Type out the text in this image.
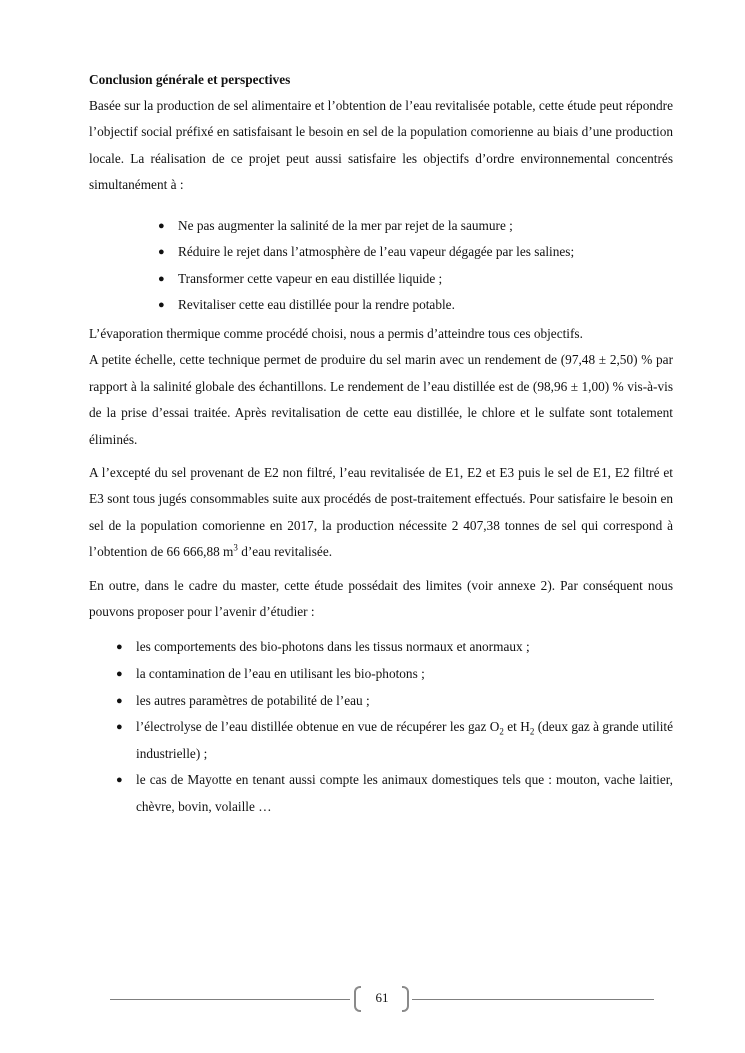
Conclusion générale et perspectives

Basée sur la production de sel alimentaire et l’obtention de l’eau revitalisée potable, cette étude peut répondre l’objectif social préfixé en satisfaisant le besoin en sel de la population comorienne au biais d’une production locale. La réalisation de ce projet peut aussi satisfaire les objectifs d’ordre environnemental concentrés simultanément à :

● Ne pas augmenter la salinité de la mer par rejet de la saumure ;
● Réduire le rejet dans l’atmosphère de l’eau vapeur dégagée par les salines;
● Transformer cette vapeur en eau distillée liquide ;
● Revitaliser cette eau distillée pour la rendre potable.

L’évaporation thermique comme procédé choisi, nous a permis d’atteindre tous ces objectifs.

A petite échelle, cette technique permet de produire du sel marin avec un rendement de (97,48 ± 2,50) % par rapport à la salinité globale des échantillons. Le rendement de l’eau distillée est de (98,96 ± 1,00) % vis-à-vis de la prise d’essai traitée. Après revitalisation de cette eau distillée, le chlore et le sulfate sont totalement éliminés.

A l’excepté du sel provenant de E2 non filtré, l’eau revitalisée de E1, E2 et E3 puis le sel de E1, E2 filtré et E3 sont tous jugés consommables suite aux procédés de post-traitement effectués. Pour satisfaire le besoin en sel de la population comorienne en 2017, la production nécessite 2 407,38 tonnes de sel qui correspond à l’obtention de 66 666,88 $m^3$ d’eau revitalisée.

En outre, dans le cadre du master, cette étude possédait des limites (voir annexe 2). Par conséquent nous pouvons proposer pour l’avenir d’étudier :

● les comportements des bio-photons dans les tissus normaux et anormaux ;
● la contamination de l’eau en utilisant les bio-photons ;
● les autres paramètres de potabilité de l’eau ;
● l’électrolyse de l’eau distillée obtenue en vue de récupérer les gaz $O_2$ et $H_2$ (deux gaz à grande utilité industrielle) ;
● le cas de Mayotte en tenant aussi compte les animaux domestiques tels que : mouton, vache laitier, chèvre, bovin, volaille …
61
